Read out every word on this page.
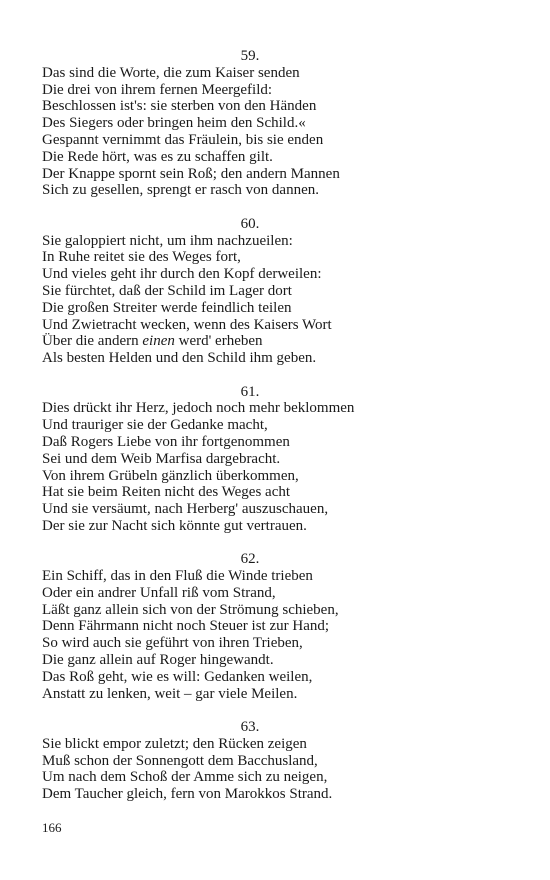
59.
Das sind die Worte, die zum Kaiser senden
Die drei von ihrem fernen Meergefild:
Beschlossen ist's: sie sterben von den Händen
Des Siegers oder bringen heim den Schild.«
Gespannt vernimmt das Fräulein, bis sie enden
Die Rede hört, was es zu schaffen gilt.
Der Knappe spornt sein Roß; den andern Mannen
Sich zu gesellen, sprengt er rasch von dannen.
60.
Sie galoppiert nicht, um ihm nachzueilen:
In Ruhe reitet sie des Weges fort,
Und vieles geht ihr durch den Kopf derweilen:
Sie fürchtet, daß der Schild im Lager dort
Die großen Streiter werde feindlich teilen
Und Zwietracht wecken, wenn des Kaisers Wort
Über die andern einen werd' erheben
Als besten Helden und den Schild ihm geben.
61.
Dies drückt ihr Herz, jedoch noch mehr beklommen
Und trauriger sie der Gedanke macht,
Daß Rogers Liebe von ihr fortgenommen
Sei und dem Weib Marfisa dargebracht.
Von ihrem Grübeln gänzlich überkommen,
Hat sie beim Reiten nicht des Weges acht
Und sie versäumt, nach Herberg' auszuschauen,
Der sie zur Nacht sich könnte gut vertrauen.
62.
Ein Schiff, das in den Fluß die Winde trieben
Oder ein andrer Unfall riß vom Strand,
Läßt ganz allein sich von der Strömung schieben,
Denn Fährmann nicht noch Steuer ist zur Hand;
So wird auch sie geführt von ihren Trieben,
Die ganz allein auf Roger hingewandt.
Das Roß geht, wie es will: Gedanken weilen,
Anstatt zu lenken, weit – gar viele Meilen.
63.
Sie blickt empor zuletzt; den Rücken zeigen
Muß schon der Sonnengott dem Bacchusland,
Um nach dem Schoß der Amme sich zu neigen,
Dem Taucher gleich, fern von Marokkos Strand.
166
